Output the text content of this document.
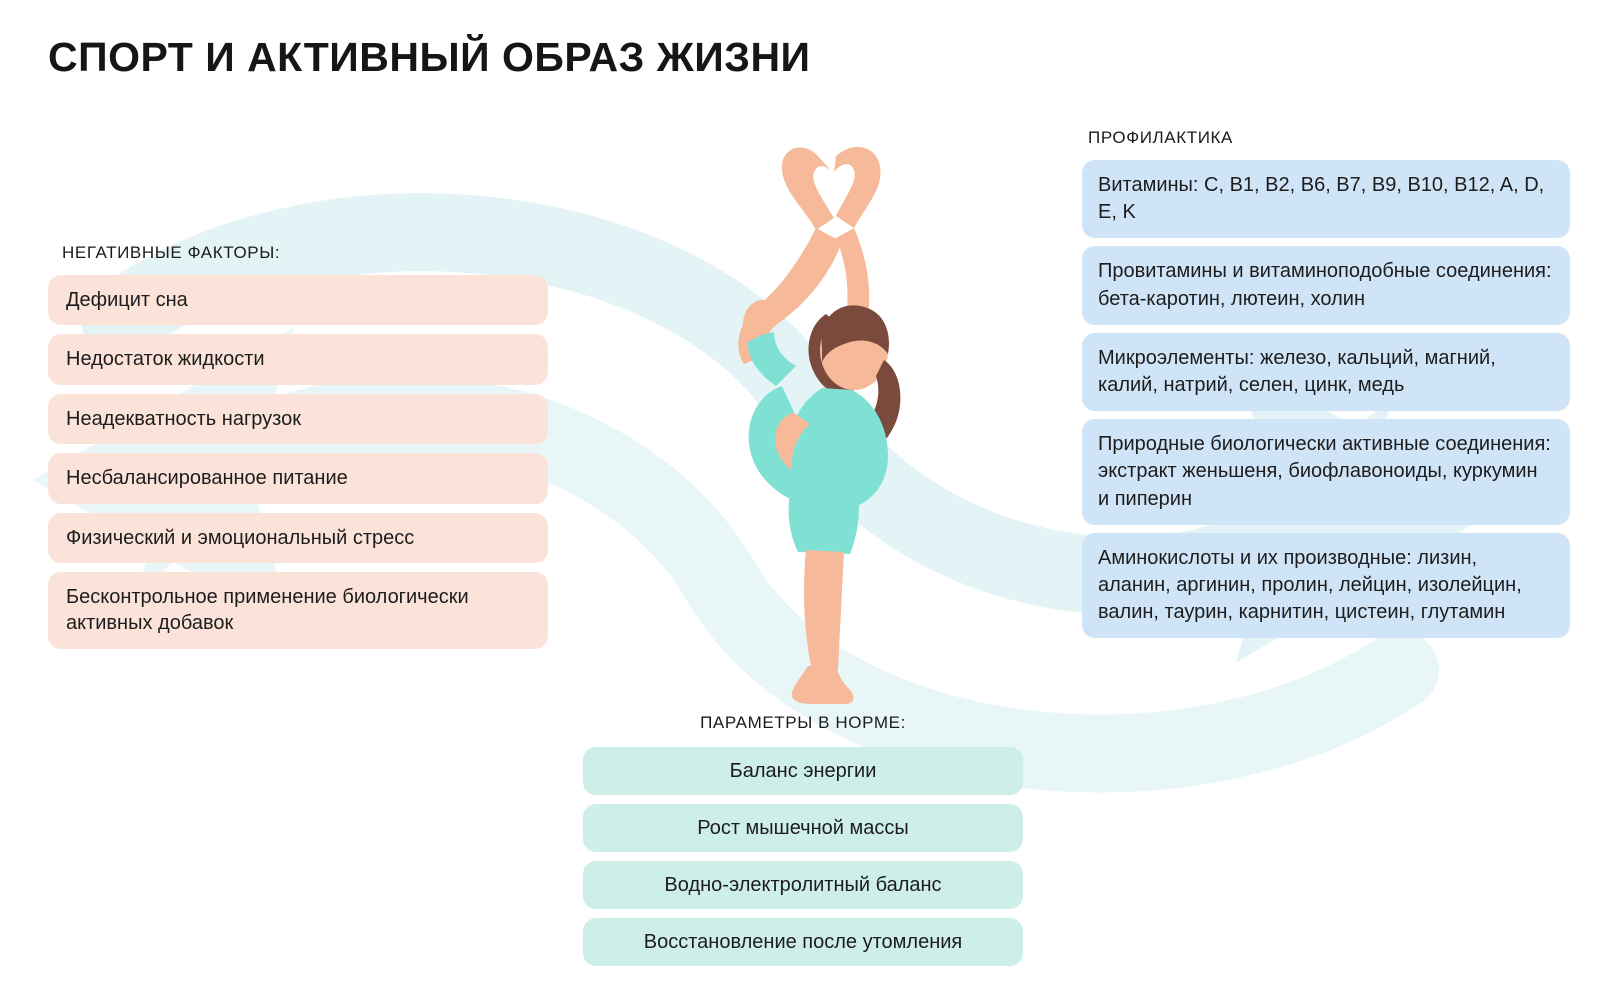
СПОРТ И АКТИВНЫЙ ОБРАЗ ЖИЗНИ
НЕГАТИВНЫЕ ФАКТОРЫ:
Дефицит сна
Недостаток жидкости
Неадекватность нагрузок
Несбалансированное питание
Физический и эмоциональный стресс
Бесконтрольное применение биологически активных добавок
ПРОФИЛАКТИКА
Витамины: C, B1, B2, B6, B7, B9, B10, B12, A, D, E, K
Провитамины и витаминоподобные соединения: бета-каротин, лютеин, холин
Микроэлементы: железо, кальций, магний, калий, натрий, селен, цинк, медь
Природные биологически активные соединения: экстракт женьшеня, биофлавоноиды, куркумин и пиперин
Аминокислоты и их производные: лизин, аланин, аргинин, пролин, лейцин, изолейцин, валин, таурин, карнитин, цистеин, глутамин
ПАРАМЕТРЫ В НОРМЕ:
Баланс энергии
Рост мышечной массы
Водно-электролитный баланс
Восстановление после утомления
